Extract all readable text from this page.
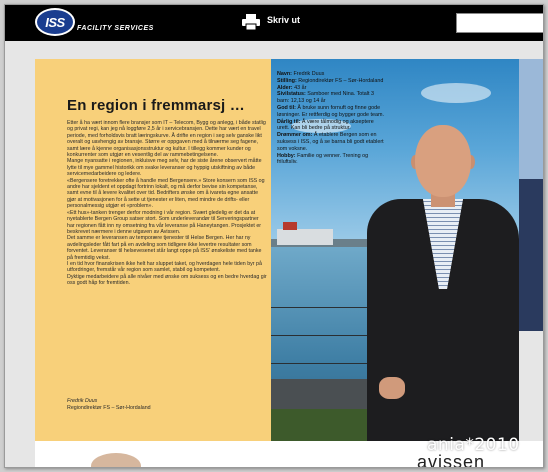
ISS FACILITY SERVICES
Skriv ut
En region i fremmarsj …

Etter å ha vært innom flere bransjer som IT – Telecom, Bygg og anlegg, i både statlig og privat regi, kan jeg nå loggføre 2,5 år i servicebransjen. Dette har vært en travel periode, med forholdsvis bratt læringskurve. Å drifte en region i seg selv ganske likt overalt og uavhengig av bransje. Større er oppgaven med å tilnærme seg fagene, samt lære å kjenne organisasjonsstruktur og kultur. I tillegg kommer kunder og konkurrenter som utgjør en vesentlig del av rammebetingelsene.

Mange nyansatte i regionen, inkluisve meg selv, har de siste årene observert måtte lytte til mye gammel historikk om svake leveranser og hyppig utskiftning av både servicemedarbeidere og ledere.

«Bergensere foretrekker ofte å handle med Bergensere.» Store konsern som ISS og andre har sjeldent et oppdagt fortrinn lokalt, og må derfor bevise sin kompetanse, samt evne til å levere kvalitet over tid. Bedrifters ønske om å ivareta egne ansatte gjør at motivasjonen for å sette ut tjenester er liten, med mindre de drifts- eller personalmessig utgjør et «problem».

«Ett hus»-tanken trenger derfor modning i vår region. Svært gledelig er det da at nyetablerte Bergen Group satser stort. Som underleverandør til Serveringspartner har regionen fått inn ny omsetning fra vår leveranse på Haneytangen. Prosjektet er beskrevet nærmere i denne utgaven av Avissen.

Det samme er leveransen av temporære tjenester til Helse Bergen. Her har ny avdelingsleder fått fart på en avdeling som tidligere ikke levertre resultater som forventet. Leveranser til helsevesenet står langt oppe på ISS' ønskeliste med tanke på fremtidig vekst.

I en tid hvor finanskrisen ikke helt har sluppet taket, og hverdagen hele tiden byr på utfordringer, fremstår vår region som samlet, stabil og kompetent.

Dyktige medarbeidere på alle nivåer med ønske om suksess og en bedre hverdag gir oss godt håp for fremtiden.

Fredrik Duus
Regiondirektør FS – Sør-Hordaland
Navn: Fredrik Duus
Stilling: Regiondirektør FS – Sør-Hordaland
Alder: 43 år
Sivilstatus: Samboer med Nina. Totalt 3 barn: 12,13 og 14 år
God til: Å bruke sunn fornuft og finne gode løsninger. Er rettferdig og bygger gode team.
Dårlig til: Å være tålmodig og akseptere urett. Kan bli bedre på struktur.
Drømmer om: Å etablere Bergen som en suksess i ISS, og å se barna bli godt etablert som voksne.
Hobby: Familie og venner. Trening og friluftsliv.
avissen
ania*2010
